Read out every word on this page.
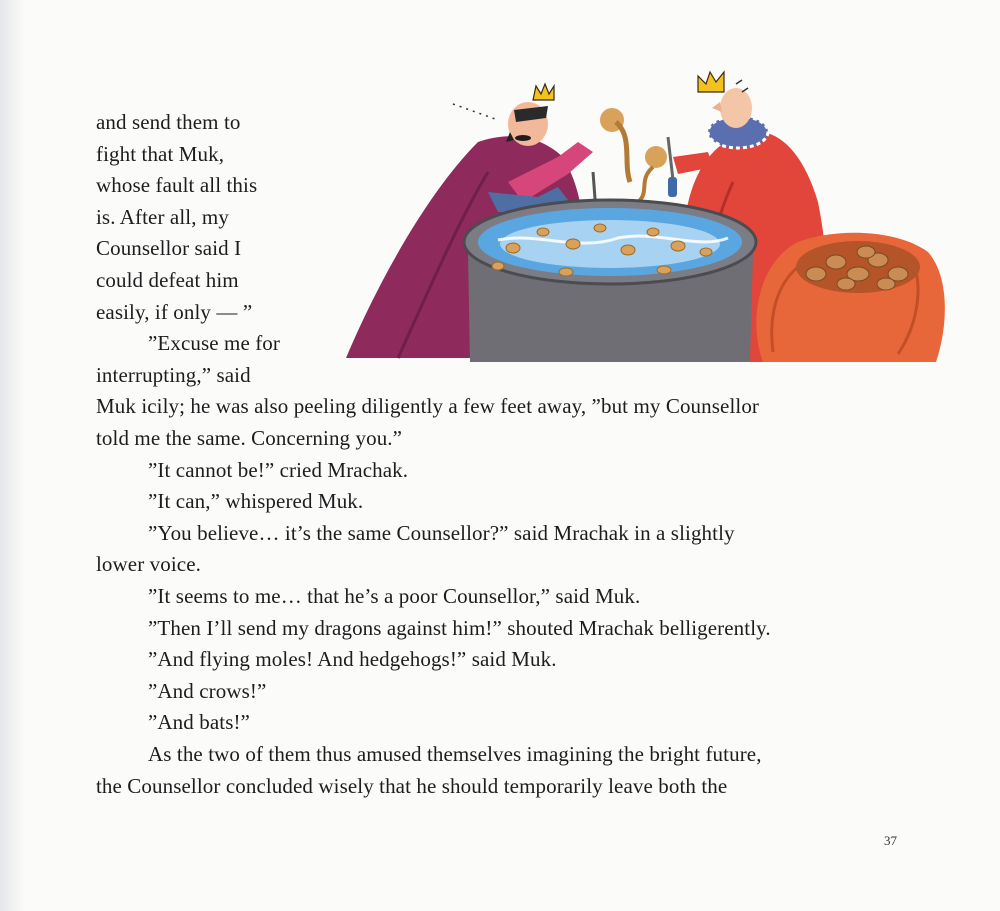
and send them to
fight that Muk,
whose fault all this
is. After all, my
Counsellor said I
could defeat him
easily, if only — ”
”Excuse me for
interrupting,” said
Muk icily; he was also peeling diligently a few feet away, ”but my Counsellor
told me the same. Concerning you.”
”It cannot be!” cried Mrachak.
”It can,” whispered Muk.
”You believe… it’s the same Counsellor?” said Mrachak in a slightly
lower voice.
”It seems to me… that he’s a poor Counsellor,” said Muk.
”Then I’ll send my dragons against him!” shouted Mrachak belligerently.
”And flying moles! And hedgehogs!” said Muk.
”And crows!”
”And bats!”
As the two of them thus amused themselves imagining the bright future,
the Counsellor concluded wisely that he should temporarily leave both the
37
